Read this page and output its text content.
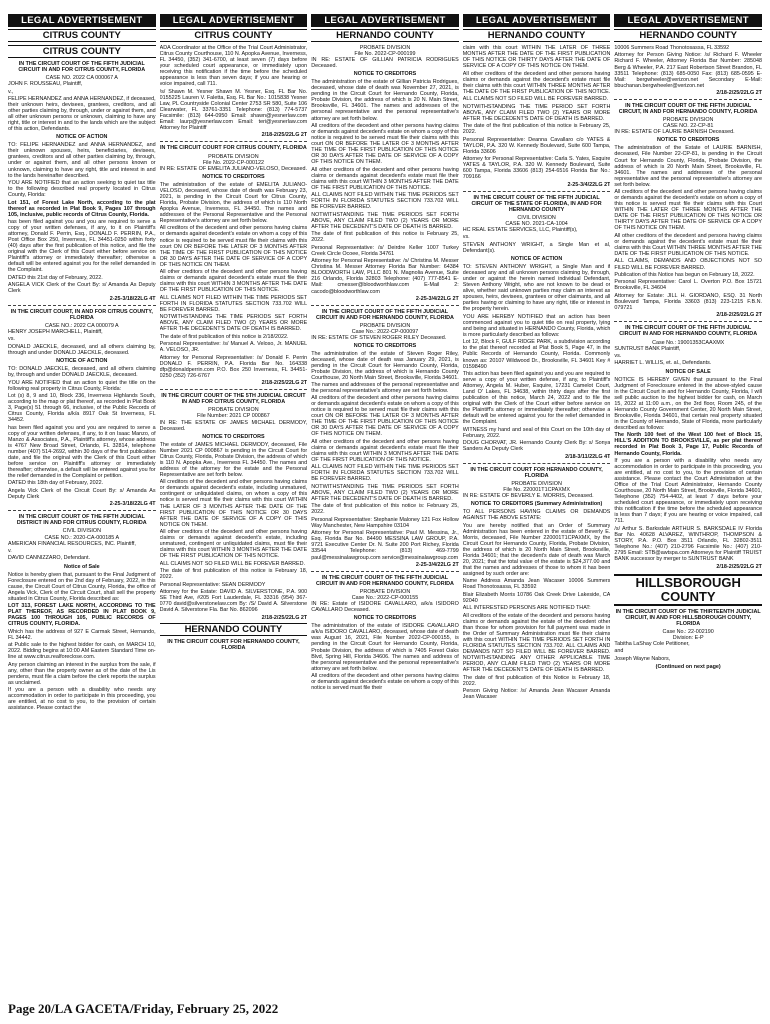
LEGAL ADVERTISEMENT	LEGAL ADVERTISEMENT	LEGAL ADVERTISEMENT	LEGAL ADVERTISEMENT	LEGAL ADVERTISEMENT
CITRUS COUNTY
CITRUS COUNTY
IN THE CIRCUIT COURT OF THE FIFTH JUDICIAL CIRCUIT IN AND FOR CITRUS COUNTY, FLORIDA
CASE NO. 2022 CA 000067 A

JOHN F. ROUSSEAU, Plaintiff,

v.,

FELIPE HERNANDEZ and ANNA HERNANDEZ, if deceased, their unknown heirs, devisees, grantees, creditors, and all other parties claiming by, through, under or against them, and all other unknown persons or unknown, claiming to have any right, title or interest in and to the lands which are the subject of this action, Defendants.

NOTICE OF ACTION

TO: FELIPE HERNANDEZ and ANNA HERNANDEZ, and their unknown spouses, heirs, beneficiaries, devisees, grantees, creditors and all other parties claiming by, through, under or against them, and all other persons known or unknown, claiming to have any right, title and interest in and to the lands hereinafter described.

YOU ARE NOTIFIED that an action seeking to quiet tax title to the following described real property located in Citrus County, Florida:

Lot 151, of Forest Lake North, according to the plat thereof as recorded in Plat Book 9, Pages 107 through 105, inclusive, public records of Citrus County, Florida.

has been filed against you and you are required to serve a copy of your written defenses, if any, to it on Plaintiff's attorney, Donald F. Perrin, Esq., DONALD F. PERRIN, P.A., Post Office Box 250, Inverness, FL 34451-0250 within forty (40) days after the first publication of this notice, and file the original with the Clerk of this Court either before service on Plaintiff's attorney or immediately thereafter; otherwise a default will be entered against you for the relief demanded in the Complaint.

DATED this 21st day of February, 2022.

ANGELA VICK Clerk of the Court By: s/ Amanda As Deputy Clerk

2-25-3/18/22LG 4T
IN THE CIRCUIT COURT, IN AND FOR CITRUS COUNTY, FLORIDA
CASE NO.: 2022 CA 000079 A

HENRY JOSEPH MARCHELL, Plaintiff,

vs.

DONALD JAECKLE, deceased, and all others claiming by, through and under DONALD JAECKLE, deceased.

NOTICE OF ACTION

TO: DONALD JAECKLE, deceased, and all others claiming by, through and under DONALD JAECKLE, deceased.

YOU ARE NOTIFIED that an action to quiet the title on the following real property in Citrus County, Florida:

Lot (s) 8, 9 and 10, Block 236, Inverness Highlands South, according to the map or plat thereof, as recorded in Plat Book 3, Page(s) 51 through 66, inclusive, of the Public Records of Citrus County, Florida a/k/a 8917 Oak St Inverness, FL 34452.

has been filed against you and you are required to serve a copy of your written defenses, if any, to it on Isaac Manzo, of Manzo & Associates, P.A., Plaintiff's attorney, whose address is 4767 New Broad Street, Orlando, FL 32814, telephone number (407) 514-2692, within 30 days of the first publication date, and file the original with the Clerk of this Court either before service on Plaintiff's attorney or immediately thereafter; otherwise, a default will be entered against you for the relief demanded in the Complaint or petition.

DATED this 18th day of February, 2022.

Angela Vick Clerk of the Circuit Court By: s/ Amanda As Deputy Clerk

2-25-3/18/22LG 4T
IN THE CIRCUIT COURT OF THE FIFTH JUDICIAL DISTRICT IN AND FOR CITRUS COUNTY, FLORIDA
CIVIL DIVISION
CASE NO.: 2020-CA-000185 A

AMERICAN FINANCIAL RESOURCES, INC. Plaintiff,

v.

DAVID CANNIZZARO, Defendant.

Notice of Sale

Notice is hereby given that, pursuant to the Final Judgment of Foreclosure entered on the 2nd day of February, 2022, in this cause, the Circuit Court of Citrus County, Florida, the office of Angela Vick, Clerk of the Circuit Court, shall sell the property situated in Citrus County, Florida described as:

LOT 313, FOREST LAKE NORTH, ACCORDING TO THE PLAT THEREOF, AS RECORDED IN PLAT BOOK 9, PAGES 100 THROUGH 105, PUBLIC RECORDS OF CITRUS COUNTY, FLORIDA.

Which has the address of 927 E Carmak Street, Hernando, FL 34442.

at Public sale to the highest bidder for cash, on MARCH 10, 2022. Bidding begins at 10:00 AM Eastern Standard Time on-line at www.citrus.realforeclose.com.

Any person claiming an interest in the surplus from the sale, if any, other than the property owner as of the date of the Lis pendens, must file a claim before the clerk reports the surplus as unclaimed.

If you are a person with a disability who needs any accommodation in order to participate in this proceeding, you are entitled, at no cost to you, to the provision of certain assistance. Please contact the

CITRUS COUNTY

ADA Coordinator at the Office of the Trial Court Administrator, Citrus County Courthouse, 110 N. Apopka Avenue, Inverness, FL 34450, (352) 341-6700, at least seven (7) days before your scheduled court appearance, or immediately upon receiving this notification if the time before the scheduled appearance is less than seven days; if you are hearing or voice impaired, call 711.

/s/ Shawn M. Yesner Shawn M. Yesner, Esq. FL Bar No. 0155225 Lauren V. Faletta, Esq. FL Bar No.: 1015838 Yesner Law, PL Countryside Colonial Center 2753 SR 580, Suite 106 Clearwater, FL 33761-3351 Telephone: (813) 774-5737 Facsimile: (813) 644-0950 Email: shawn@yesnerlaw.com Email: laurp@yesnerlaw.com Email: teri@yesnerlaw.com Attorney for Plaintiff

2/18-2/25/22LG 2T
IN THE CIRCUIT COURT FOR CITRUS COUNTY, FLORIDA
PROBATE DIVISION
File No. 2022-CP-000122

IN RE: ESTATE OF EMELITA JULIANO-VELOSO, Deceased.

NOTICE TO CREDITORS

The administration of the estate of EMELITA JULIANO-VELOSO, deceased, whose date of death was February 23, 2021, is pending in the Circuit Court for Citrus County, Florida, Probate Division, the address of which is 110 North Apopka Avenue, Inverness, FL 34450. The names and addresses of the Personal Representative and the Personal Representative's attorney are set forth below.

All creditors of the decedent and other persons having claims or demands against decedent's estate on whom a copy of this notice is required to be served must file their claims with this court ON OR BEFORE THE LATER OF 3 MONTHS AFTER THE TIME OF THE FIRST PUBLICATION OF THIS NOTICE OR 30 DAYS AFTER THE DATE OF SERVICE OF A COPY OF THIS NOTICE ON THEM.

All other creditors of the decedent and other persons having claims or demands against decedent's estate must file their claims with this court WITHIN 3 MONTHS AFTER THE DATE OF THE FIRST PUBLICATION OF THIS NOTICE.

ALL CLAIMS NOT FILED WITHIN THE TIME PERIODS SET FORTH IN FLORIDA STATUTES SECTION 733.702 WILL BE FOREVER BARRED.

NOTWITHSTANDING THE TIME PERIODS SET FORTH ABOVE, ANY CLAIM FILED TWO (2) YEARS OR MORE AFTER THE DECEDENT'S DATE OF DEATH IS BARRED.

The date of first publication of this notice is 2/18/2022.

Personal Representative: /s/ Manuel A. Veloso, Jr. MANUEL A. VELOSO, JR.

Attorney for Personal Representative: /s/ Donald F. Perrin DONALD F. PERRIN, P.A. Florida Bar No. 164338 dfp@donaldperrin.com P.O. Box 250 Inverness, FL 34451-0250 (352) 726-6767

2/18-2/25/22LG 2T
IN THE CIRCUIT COURT OF THE 5TH JUDICIAL CIRCUIT IN AND FOR CITRUS COUNTY, FLORIDA
PROBATE DIVISION
File Number: 2021 CP 000867

IN RE: THE ESTATE OF JAMES MICHAEL DERMODY, Deceased.

NOTICE TO CREDITORS

The estate of JAMES MICHAEL DERMODY, deceased, File Number 2021 CP 000867 is pending in the Circuit Court for Citrus County, Florida, Probate Division, the address of which is 110 N. Apopka Ave., Inverness FL 34450. The names and address of the attorney for the estate and the Personal Representative are set forth below.

All creditors of the decedent and other persons having claims or demands against decedent's estate, including unmatured, contingent or unliquidated claims, on whom a copy of this notice is served must file their claims with this court WITHIN THE LATER OF 3 MONTHS AFTER THE DATE OF THE FIRST PUBLICATION OF THIS NOTICE OR 30 DAYS AFTER THE DATE OF SERVICE OF A COPY OF THIS NOTICE ON THEM.

All other creditors of the decedent and other persons having claims or demands against decedent's estate, including unmatured, contingent or unliquidated claims, must file their claims with this court WITHIN 3 MONTHS AFTER THE DATE OF THE FIRST PUBLICATION OF THIS NOTICE.

ALL CLAIMS NOT SO FILED WILL BE FOREVER BARRED.

The date of first publication of this notice is February 18, 2022.

Personal Representative: SEAN DERMODY

Attorney for the Estate: DAVID A. SILVERSTONE, P.A. 900 SE Third Ave, #205 Fort Lauderdale, FL 33316 (954) 367-0770 david@silverstonelaw.com By: /S/ David A. Silverstone David A. Silverstone Fla. Bar No. 862096

2/18-2/25/22LG 2T
HERNANDO COUNTY
IN THE CIRCUIT COURT FOR HERNANDO COUNTY, FLORIDA
HERNANDO COUNTY
PROBATE DIVISION
File No. 2022-CP-000199

IN RE: ESTATE OF GILLIAN PATRICIA RODRIGUES Deceased.

NOTICE TO CREDITORS

The administration of the estate of Gillian Patricia Rodrigues, deceased, whose date of death was November 27, 2021, is pending in the Circuit Court for Hernando County, Florida, Probate Division, the address of which is 20 N. Main Street, Brooksville, FL 34601. The names and addresses of the personal representative and the personal representative's attorney are set forth below.

All creditors of the decedent and other persons having claims or demands against decedent's estate on whom a copy of this notice is required to be served must file their claims with this court ON OR BEFORE THE LATER OF 3 MONTHS AFTER THE TIME OF THE FIRST PUBLICATION OF THIS NOTICE OR 30 DAYS AFTER THE DATE OF SERVICE OF A COPY OF THIS NOTICE ON THEM.

All other creditors of the decedent and other persons having claims or demands against decedent's estate must file their claims with this court WITHIN 3 MONTHS AFTER THE DATE OF THE FIRST PUBLICATION OF THIS NOTICE.

ALL CLAIMS NOT FILED WITHIN THE TIME PERIODS SET FORTH IN FLORIDA STATUTES SECTION 733.702 WILL BE FOREVER BARRED.

NOTWITHSTANDING THE TIME PERIODS SET FORTH ABOVE, ANY CLAIM FILED TWO (2) YEARS OR MORE AFTER THE DECEDENT'S DATE OF DEATH IS BARRED.

The date of first publication of this notice is February 25, 2022.

Personal Representative: /s/ Deirdre Keller 1007 Turkey Creek Circle Ocoee, Florida 34761

Attorney for Personal Representative: /s/ Christina M. Messer Christina M. Messer Attorney Florida Bar Number: 64384 BLOODWORTH LAW, PLLC 801 N. Magnolia Avenue, Suite 216 Orlando, Florida 32803 Telephone: (407) 777-8541 E-Mail: cmesser@bloodworthlaw.com E-Mail 2: cacodo@bloodworthlaw.com

2-25-3/4/22LG 2T
IN THE CIRCUIT COURT OF THE FIFTH JUDICIAL CIRCUIT IN AND FOR HERNANDO COUNTY, FLORIDA
PROBATE DIVISION
Case No.: 2022-CP-000097

IN RE: ESTATE OF STEVEN ROGER RILEY Deceased.

NOTICE TO CREDITORS

The administration of the estate of Steven Roger Riley, deceased, whose date of death was January 29, 2021, is pending in the Circuit Court for Hernando County, Florida, Probate Division, the address of which is Hernando County Courthouse, 20 North Main Street, Brooksville, Florida 34601. The names and addresses of the personal representative and the personal representative's attorney are set forth below.

All creditors of the decedent and other persons having claims or demands against decedent's estate on whom a copy of this notice is required to be served must file their claims with this court ON OR BEFORE THE LATER OF 3 MONTHS AFTER THE TIME OF THE FIRST PUBLICATION OF THIS NOTICE OR 30 DAYS AFTER THE DATE OF SERVICE OF A COPY OF THIS NOTICE ON THEM.

All other creditors of the decedent and other persons having claims or demands against decedent's estate must file their claims with this court WITHIN 3 MONTHS AFTER THE DATE OF THE FIRST PUBLICATION OF THIS NOTICE.

ALL CLAIMS NOT FILED WITHIN THE TIME PERIODS SET FORTH IN FLORIDA STATUTES SECTION 733.702 WILL BE FOREVER BARRED.

NOTWITHSTANDING THE TIME PERIODS SET FORTH ABOVE, ANY CLAIM FILED TWO (2) YEARS OR MORE AFTER THE DECEDENT'S DATE OF DEATH IS BARRED.

The date of first publication of this notice is: February 25, 2022.

Personal Representative: Stephanie Maloney 121 Fox Hollow Way Manchester, New Hampshire 03104

Attorney for Personal Representative: Paul M. Messina, Jr., Esq. Florida Bar No. 84490 MESSINA LAW GROUP, P.A. 9721 Executive Center Dr. N. Suite 200 Port Richey, Florida 33544 Telephone: (813) 469-7799 paul@messinalawgroup.com service@messinalawgroup.com

2-25-3/4/22LG 2T
IN THE CIRCUIT COURT OF THE FIFTH JUDICIAL CIRCUIT IN AND FOR HERNANDO COUNTY, FLORIDA
PROBATE DIVISION
Case No.: 2022-CP-000155

IN RE: Estate of ISIDORE CAVALLARO, a/k/a ISIDORO CAVALLARO Deceased.

NOTICE TO CREDITORS

The administration of the estate of ISIDORE CAVALLARO a/k/a ISIDORO CAVALLARO, deceased, whose date of death was August 16, 2021, File Number 2022-CP-000155, is pending in the Circuit Court for Hernando County, Florida, Probate Division, the address of which is 7405 Forest Oaks Blvd, Spring Hill, Florida 34606. The names and address of the personal representative and the personal representative's attorney are set forth below.

All creditors of the decedent and other persons having claims or demands against decedent's estate on whom a copy of this notice is served must file their

HERNANDO COUNTY

claim with this court WITHIN THE LATER OF THREE MONTHS AFTER THE DATE OF THE FIRST PUBLICATION OF THIS NOTICE OR THIRTY DAYS AFTER THE DATE OF SERVICE OF A COPY OF THIS NOTICE ON THEM.

All other creditors of the decedent and other persons having claims or demands against the decedent's estate must file their claims with this court WITHIN THREE MONTHS AFTER THE DATE OF THE FIRST PUBLICATION OF THIS NOTICE.

ALL CLAIMS NOT SO FILED WILL BE FOREVER BARRED.

NOTWITHSTANDING THE TIME PERIOD SET FORTH ABOVE, ANY CLAIM FILED TWO (2) YEARS OR MORE AFTER THE DECEDENT'S DATE OF DEATH IS BARRED.

The date of the first publication of this notice is February 25, 2022.

Personal Representative: Deanna Cavallaro c/o YATES & TAYLOR, P.A. 320 W. Kennedy Boulevard, Suite 600 Tampa, Florida 33606

Attorney for Personal Representative: Carla S. Yates, Esquire YATES & TAYLOR, P.A. 320 W. Kennedy Boulevard, Suite 600 Tampa, Florida 33606 (813) 254-6516 Florida Bar No.: 709166

2-25-3/4/22LG 2T
IN THE CIRCUIT COURT OF THE FIFTH JUDICIAL CIRCUIT OF THE STATE OF FLORIDA, IN AND FOR HERNANDO COUNTY
CIVIL DIVISION
CASE NO. 2021-CA-1004

HC REAL ESTATE SERVICES, LLC, Plaintiff(s),

vs.

STEVEN ANTHONY WRIGHT, a Single Man et al, Defendant(s).

NOTICE OF ACTION

TO: STEVEN ANTHONY WRIGHT, a Single Man and if deceased any and all unknown persons claiming by, through, under or against the herein named individual Defendant, Steven Anthony Wright, who are not known to be dead or alive, whether said unknown parties may claim an interest as spouses, heirs, devisees, grantees or other claimants, and all parties having or claiming to have any right, title or interest in the property herein.

YOU ARE HEREBY NOTIFIED that an action has been commenced against you to quiet title on real property, lying and being and situated in HERNANDO County, Florida, which is more particularly described as follows:

Lot 12, Block F, GULF RIDGE PARK, a subdivision according to the plat thereof recorded at Plat Book 5, Page 47, in the Public Records of Hernando County, Florida. Commonly known as: 20107 Wildwood Dr., Brooksville, FL 34601 Key # 01598490

This action has been filed against you and you are required to serve a copy of your written defense, if any, to Plaintiff's Attorney, Angela M. Huber, Esquire, 17231 Camelot Court, Land O' Lakes, FL 34638, within thirty days after the first publication of this notice, March 24, 2022 and to file the original with the Clerk of the Court either before service on the Plaintiff's attorney or immediately thereafter; otherwise a default will be entered against you for the relief demanded in the Complaint.

WITNESS my hand and seal of this Court on the 10th day of February, 2022.

DOUG CHORVAT, JR. Hernando County Clerk By: s/ Sonya Sanders As Deputy Clerk

2/18-3/11/22LG 4T
IN THE CIRCUIT COURT FOR HERNANDO COUNTY, FLORIDA
PROBATE DIVISION
File No. 220001T1CPAXMX

IN RE: ESTATE OF BEVERLY E. MORRIS, Deceased.

NOTICE TO CREDITORS (Summary Administration)

TO ALL PERSONS HAVING CLAIMS OR DEMANDS AGAINST THE ABOVE ESTATE:

You are hereby notified that an Order of Summary Administration has been entered in the estate of Beverly E. Morris, deceased, File Number 220001T1CPAXMX, by the Circuit Court for Hernando County, Florida, Probate Division, the address of which is 20 North Main Street, Brooksville, Florida 34601; that the decedent's date of death was March 20, 2021; that the total value of the estate is $24,377.00 and that the names and addresses of those to whom it has been assigned by such order are:

Name Address Amanda Jean Wacaser 10006 Summers Road Thonotosassa, FL 33592

Blair Elizabeth Morris 10786 Oak Creek Drive Lakeside, CA 92040

ALL INTERESTED PERSONS ARE NOTIFIED THAT:

All creditors of the estate of the decedent and persons having claims or demands against the estate of the decedent other than those for whom provision for full payment was made in the Order of Summary Administration must file their claims with this court WITHIN THE TIME PERIODS SET FORTH IN FLORIDA STATUTES SECTION 733.702. ALL CLAIMS AND DEMANDS NOT SO FILED WILL BE FOREVER BARRED. NOTWITHSTANDING ANY OTHER APPLICABLE TIME PERIOD, ANY CLAIM FILED TWO (2) YEARS OR MORE AFTER THE DECEDENT'S DATE OF DEATH IS BARRED.

The date of first publication of this Notice is February 18, 2022.

Person Giving Notice: /s/ Amanda Jean Wacaser Amanda Jean Wacaser

HERNANDO COUNTY

10006 Summers Road Thonotosassa, FL 33592

Attorney for Person Giving Notice: /s/ Richard F. Wheeler Richard F. Wheeler, Attorney Florida Bar Number: 285048 Berg & Wheeler, P.A. 217 East Robertson Street Brandon, FL 33511 Telephone: (813) 685-0050 Fax: (813) 685-0595 E-Mail: bergwheeler@verizon.net Secondary E-Mail: bbuchanan.bergwheeler@verizon.net

2/18-2/25/22LG 2T
IN THE CIRCUIT COURT OF THE FIFTH JUDICIAL CIRCUIT, IN AND FOR HERNANDO COUNTY, FLORIDA
PROBATE DIVISION
CASE NO. 22-CP-81

IN RE: ESTATE OF LAURIE BARNISH Deceased.

NOTICE TO CREDITORS

The administration of the Estate of LAURIE BARNISH, deceased, File Number 22-CP-81, is pending in the Circuit Court for Hernando County, Florida, Probate Division, the address of which is 20 North Main Street, Brooksville, FL 34601. The names and addresses of the personal representative and the personal representative's attorney are set forth below.

All creditors of the decedent and other persons having claims or demands against the decedent's estate on whom a copy of this notice is served must file their claims with this Court WITHIN THE LATER OF THREE MONTHS AFTER THE DATE OF THE FIRST PUBLICATION OF THIS NOTICE OR THIRTY DAYS AFTER THE DATE OF SERVICE OF A COPY OF THIS NOTICE ON THEM.

All other creditors of the decedent and persons having claims or demands against the decedent's estate must file their claims with this Court WITHIN THREE MONTHS AFTER THE DATE OF THE FIRST PUBLICATION OF THIS NOTICE.

ALL CLAIMS, DEMANDS AND OBJECTIONS NOT SO FILED WILL BE FOREVER BARRED.

Publication of this Notice has begun on February 18, 2022.

Personal Representative: Carol L. Overton P.O. Box 15721 Brooksville, FL 34604

Attorney for Estate: JILL H. GIORDANO, ESQ. 31 North Boulevard Tampa, Florida 33603 (813) 223-1215 F.B.N. 079721

2/18-2/25/22LG 2T
IN THE CIRCUIT COURT OF THE FIFTH JUDICIAL CIRCUIT IN AND FOR HERNANDO COUNTY, FLORIDA
Case No.: 19001353CAAXMX

SUNTRUST BANK Plaintiff,

vs.

HARRIET L. WILLIS, et. al., Defendants.

NOTICE OF SALE

NOTICE IS HEREBY GIVEN that pursuant to the Final Judgment of Foreclosure entered in the above-styled cause in the Circuit Court in and for Hernando County, Florida, I will sell public auction to the highest bidder for cash, on March 15, 2022 at 11:00 a.m., on the 3rd floor, Room 245, of the Hernando County Government Center, 20 North Main Street, Brooksville, Florida 34601, that certain real property situated in the County of Hernando, State of Florida, more particularly described as follows:

The North 100 feet of the West 100 feet of Block 15, HILL'S ADDITION TO BROOKSVILLE, as per plat thereof recorded in Plat Book 3, Page 17, Public Records of Hernando County, Florida.

If you are a person with a disability who needs any accommodation in order to participate in this proceeding, you are entitled, at no cost to you, to the provision of certain assistance. Please contact the Court Administration at the Office of the Trial Court Administrator, Hernando County Courthouse, 20 North Main Street, Brooksville, Florida 34601, Telephone (352) 754-4402, at least 7 days before your scheduled court appearance, or immediately upon receiving this notification if the time before the scheduled appearance is less than 7 days; if you are hearing or voice impaired, call 711.

/s/ Arthur S. Barksdale ARTHUR S. BARKSDALE IV Florida Bar No. 40628 ALVAREZ, WINTHROP, THOMPSON & STORY, P.A. P.O. Box 3511 Orlando, FL 32802-3511 Telephone No.: (407) 210-2796 Facsimile No.: (407) 210-2795 Email: STB@awtspa.com Attorneys for Plaintiff TRUIST BANK successor by merger to SUNTRUST BANK

2/18-2/25/22LG 2T
HILLSBOROUGH COUNTY
IN THE CIRCUIT COURT OF THE THIRTEENTH JUDICIAL CIRCUIT, IN AND FOR HILLSBOROUGH COUNTY, FLORIDA
Case No.: 22-002190
Division: E-P

Tabitha LaShay Cole Petitioner,

and

Joseph Wayne Nabors,

(Continued on next page)
Page 20/LA GACETA/Friday, February 25, 2022
